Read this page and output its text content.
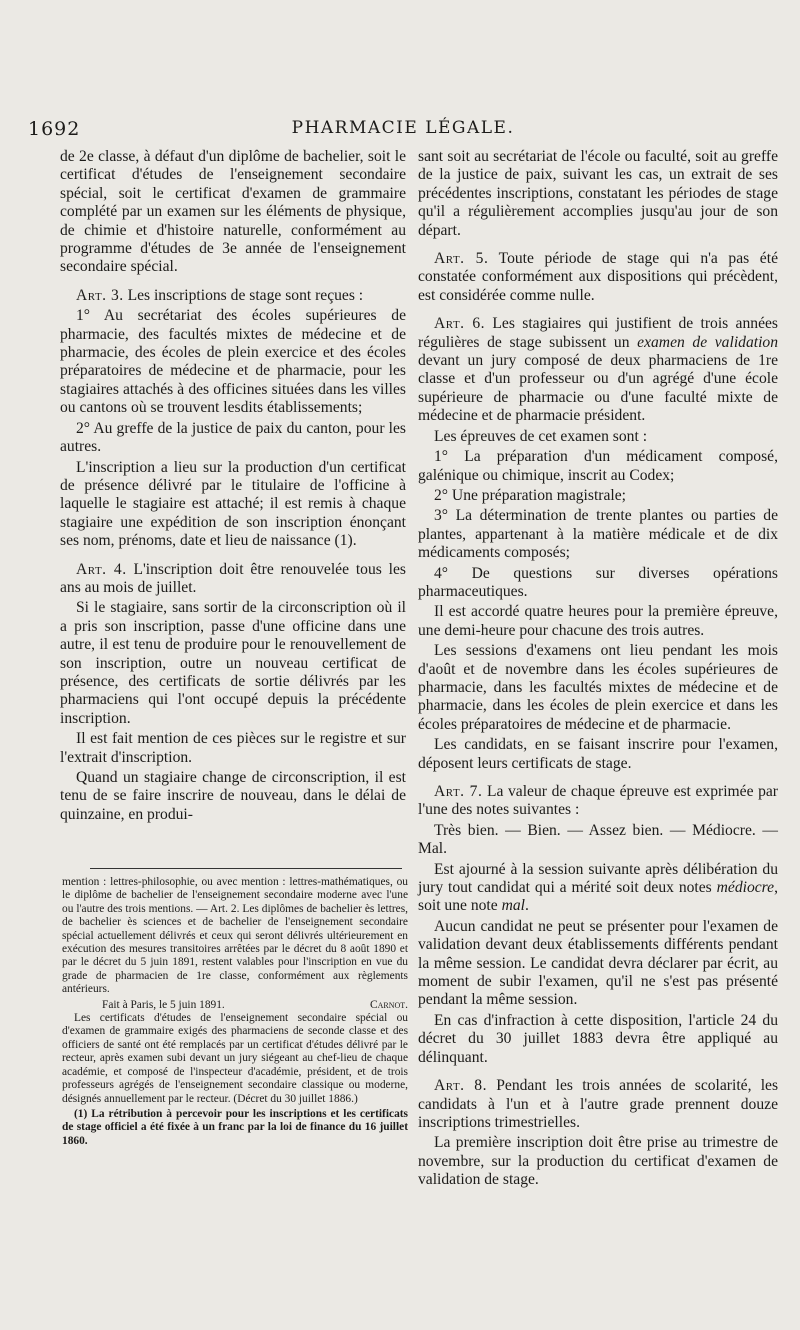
1692	PHARMACIE LÉGALE.

de 2e classe, à défaut d'un diplôme de bachelier, soit le certificat d'études de l'enseignement secondaire spécial, soit le certificat d'examen de grammaire complété par un examen sur les éléments de physique, de chimie et d'histoire naturelle, conformément au programme d'études de 3e année de l'enseignement secondaire spécial.

Art. 3. Les inscriptions de stage sont reçues :

1° Au secrétariat des écoles supérieures de pharmacie, des facultés mixtes de médecine et de pharmacie, des écoles de plein exercice et des écoles préparatoires de médecine et de pharmacie, pour les stagiaires attachés à des officines situées dans les villes ou cantons où se trouvent lesdits établissements;

2° Au greffe de la justice de paix du canton, pour les autres.

L'inscription a lieu sur la production d'un certificat de présence délivré par le titulaire de l'officine à laquelle le stagiaire est attaché; il est remis à chaque stagiaire une expédition de son inscription énonçant ses nom, prénoms, date et lieu de naissance (1).

Art. 4. L'inscription doit être renouvelée tous les ans au mois de juillet.

Si le stagiaire, sans sortir de la circonscription où il a pris son inscription, passe d'une officine dans une autre, il est tenu de produire pour le renouvellement de son inscription, outre un nouveau certificat de présence, des certificats de sortie délivrés par les pharmaciens qui l'ont occupé depuis la précédente inscription.

Il est fait mention de ces pièces sur le registre et sur l'extrait d'inscription.

Quand un stagiaire change de circonscription, il est tenu de se faire inscrire de nouveau, dans le délai de quinzaine, en produi-

mention : lettres-philosophie, ou avec mention : lettres-mathématiques, ou le diplôme de bachelier de l'enseignement secondaire moderne avec l'une ou l'autre des trois mentions. — Art. 2. Les diplômes de bachelier ès lettres, de bachelier ès sciences et de bachelier de l'enseignement secondaire spécial actuellement délivrés et ceux qui seront délivrés ultérieurement en exécution des mesures transitoires arrêtées par le décret du 8 août 1890 et par le décret du 5 juin 1891, restent valables pour l'inscription en vue du grade de pharmacien de 1re classe, conformément aux règlements antérieurs.

Fait à Paris, le 5 juin 1891.	Carnot.

Les certificats d'études de l'enseignement secondaire spécial ou d'examen de grammaire exigés des pharmaciens de seconde classe et des officiers de santé ont été remplacés par un certificat d'études délivré par le recteur, après examen subi devant un jury siégeant au chef-lieu de chaque académie, et composé de l'inspecteur d'académie, président, et de trois professeurs agrégés de l'enseignement secondaire classique ou moderne, désignés annuellement par le recteur. (Décret du 30 juillet 1886.)

(1) La rétribution à percevoir pour les inscriptions et les certificats de stage officiel a été fixée à un franc par la loi de finance du 16 juillet 1860.

sant soit au secrétariat de l'école ou faculté, soit au greffe de la justice de paix, suivant les cas, un extrait de ses précédentes inscriptions, constatant les périodes de stage qu'il a régulièrement accomplies jusqu'au jour de son départ.

Art. 5. Toute période de stage qui n'a pas été constatée conformément aux dispositions qui précèdent, est considérée comme nulle.

Art. 6. Les stagiaires qui justifient de trois années régulières de stage subissent un examen de validation devant un jury composé de deux pharmaciens de 1re classe et d'un professeur ou d'un agrégé d'une école supérieure de pharmacie ou d'une faculté mixte de médecine et de pharmacie président.

Les épreuves de cet examen sont :

1° La préparation d'un médicament composé, galénique ou chimique, inscrit au Codex;

2° Une préparation magistrale;

3° La détermination de trente plantes ou parties de plantes, appartenant à la matière médicale et de dix médicaments composés;

4° De questions sur diverses opérations pharmaceutiques.

Il est accordé quatre heures pour la première épreuve, une demi-heure pour chacune des trois autres.

Les sessions d'examens ont lieu pendant les mois d'août et de novembre dans les écoles supérieures de pharmacie, dans les facultés mixtes de médecine et de pharmacie, dans les écoles de plein exercice et dans les écoles préparatoires de médecine et de pharmacie.

Les candidats, en se faisant inscrire pour l'examen, déposent leurs certificats de stage.

Art. 7. La valeur de chaque épreuve est exprimée par l'une des notes suivantes :

Très bien. — Bien. — Assez bien. — Médiocre. — Mal.

Est ajourné à la session suivante après délibération du jury tout candidat qui a mérité soit deux notes médiocre, soit une note mal.

Aucun candidat ne peut se présenter pour l'examen de validation devant deux établissements différents pendant la même session. Le candidat devra déclarer par écrit, au moment de subir l'examen, qu'il ne s'est pas présenté pendant la même session.

En cas d'infraction à cette disposition, l'article 24 du décret du 30 juillet 1883 devra être appliqué au délinquant.

Art. 8. Pendant les trois années de scolarité, les candidats à l'un et à l'autre grade prennent douze inscriptions trimestrielles.

La première inscription doit être prise au trimestre de novembre, sur la production du certificat d'examen de validation de stage.
